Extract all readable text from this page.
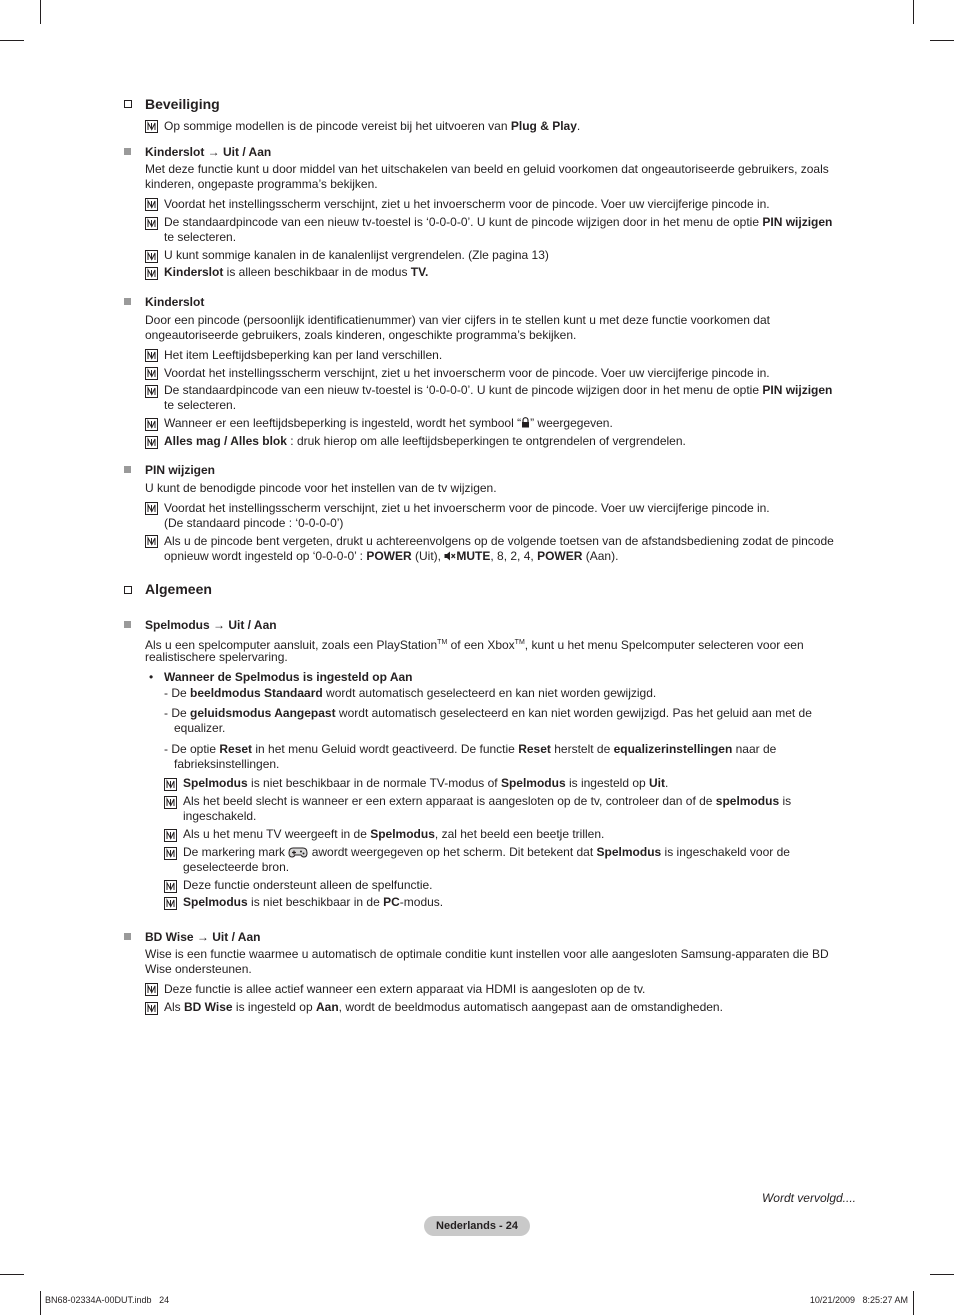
Beveiliging
Op sommige modellen is de pincode vereist bij het uitvoeren van Plug & Play.
Kinderslot → Uit / Aan
Met deze functie kunt u door middel van het uitschakelen van beeld en geluid voorkomen dat ongeautoriseerde gebruikers, zoals
kinderen, ongepaste programma’s bekijken.
Voordat het instellingsscherm verschijnt, ziet u het invoerscherm voor de pincode. Voer uw viercijferige pincode in.
De standaardpincode van een nieuw tv-toestel is ‘0-0-0-0’. U kunt de pincode wijzigen door in het menu de optie PIN wijzigen
te selecteren.
U kunt sommige kanalen in de kanalenlijst vergrendelen. (Zle pagina 13)
Kinderslot is alleen beschikbaar in de modus TV.
Kinderslot
Door een pincode (persoonlijk identificatienummer) van vier cijfers in te stellen kunt u met deze functie voorkomen dat
ongeautoriseerde gebruikers, zoals kinderen, ongeschikte programma’s bekijken.
Het item Leeftijdsbeperking kan per land verschillen.
Voordat het instellingsscherm verschijnt, ziet u het invoerscherm voor de pincode. Voer uw viercijferige pincode in.
De standaardpincode van een nieuw tv-toestel is ‘0-0-0-0’. U kunt de pincode wijzigen door in het menu de optie PIN wijzigen
te selecteren.
Wanneer er een leeftijdsbeperking is ingesteld, wordt het symbool “ ” weergegeven.
Alles mag / Alles blok : druk hierop om alle leeftijdsbeperkingen te ontgrendelen of vergrendelen.
PIN wijzigen
U kunt de benodigde pincode voor het instellen van de tv wijzigen.
Voordat het instellingsscherm verschijnt, ziet u het invoerscherm voor de pincode. Voer uw viercijferige pincode in.
(De standaard pincode : ‘0-0-0-0’)
Als u de pincode bent vergeten, drukt u achtereenvolgens op de volgende toetsen van de afstandsbediening zodat de pincode
opnieuw wordt ingesteld op ‘0-0-0-0’ : POWER (Uit), MUTE, 8, 2, 4, POWER (Aan).
Algemeen
Spelmodus → Uit / Aan
Als u een spelcomputer aansluit, zoals een PlayStation™ of een Xbox™, kunt u het menu Spelcomputer selecteren voor een
realistischere spelervaring.
• Wanneer de Spelmodus is ingesteld op Aan
- De beeldmodus Standaard wordt automatisch geselecteerd en kan niet worden gewijzigd.
- De geluidsmodus Aangepast wordt automatisch geselecteerd en kan niet worden gewijzigd. Pas het geluid aan met de
equalizer.
- De optie Reset in het menu Geluid wordt geactiveerd. De functie Reset herstelt de equalizerinstellingen naar de
fabrieksinstellingen.
Spelmodus is niet beschikbaar in de normale TV-modus of Spelmodus is ingesteld op Uit.
Als het beeld slecht is wanneer er een extern apparaat is aangesloten op de tv, controleer dan of de spelmodus is
ingeschakeld.
Als u het menu TV weergeeft in de Spelmodus, zal het beeld een beetje trillen.
De markering mark  awordt weergegeven op het scherm. Dit betekent dat Spelmodus is ingeschakeld voor de
geselecteerde bron.
Deze functie ondersteunt alleen de spelfunctie.
Spelmodus is niet beschikbaar in de PC-modus.
BD Wise → Uit / Aan
Wise is een functie waarmee u automatisch de optimale conditie kunt instellen voor alle aangesloten Samsung-apparaten die BD
Wise ondersteunen.
Deze functie is allee actief wanneer een extern apparaat via HDMI is aangesloten op de tv.
Als BD Wise is ingesteld op Aan, wordt de beeldmodus automatisch aangepast aan de omstandigheden.
Wordt vervolgd....
Nederlands - 24
BN68-02334A-00DUT.indb   24	10/21/2009   8:25:27 AM
